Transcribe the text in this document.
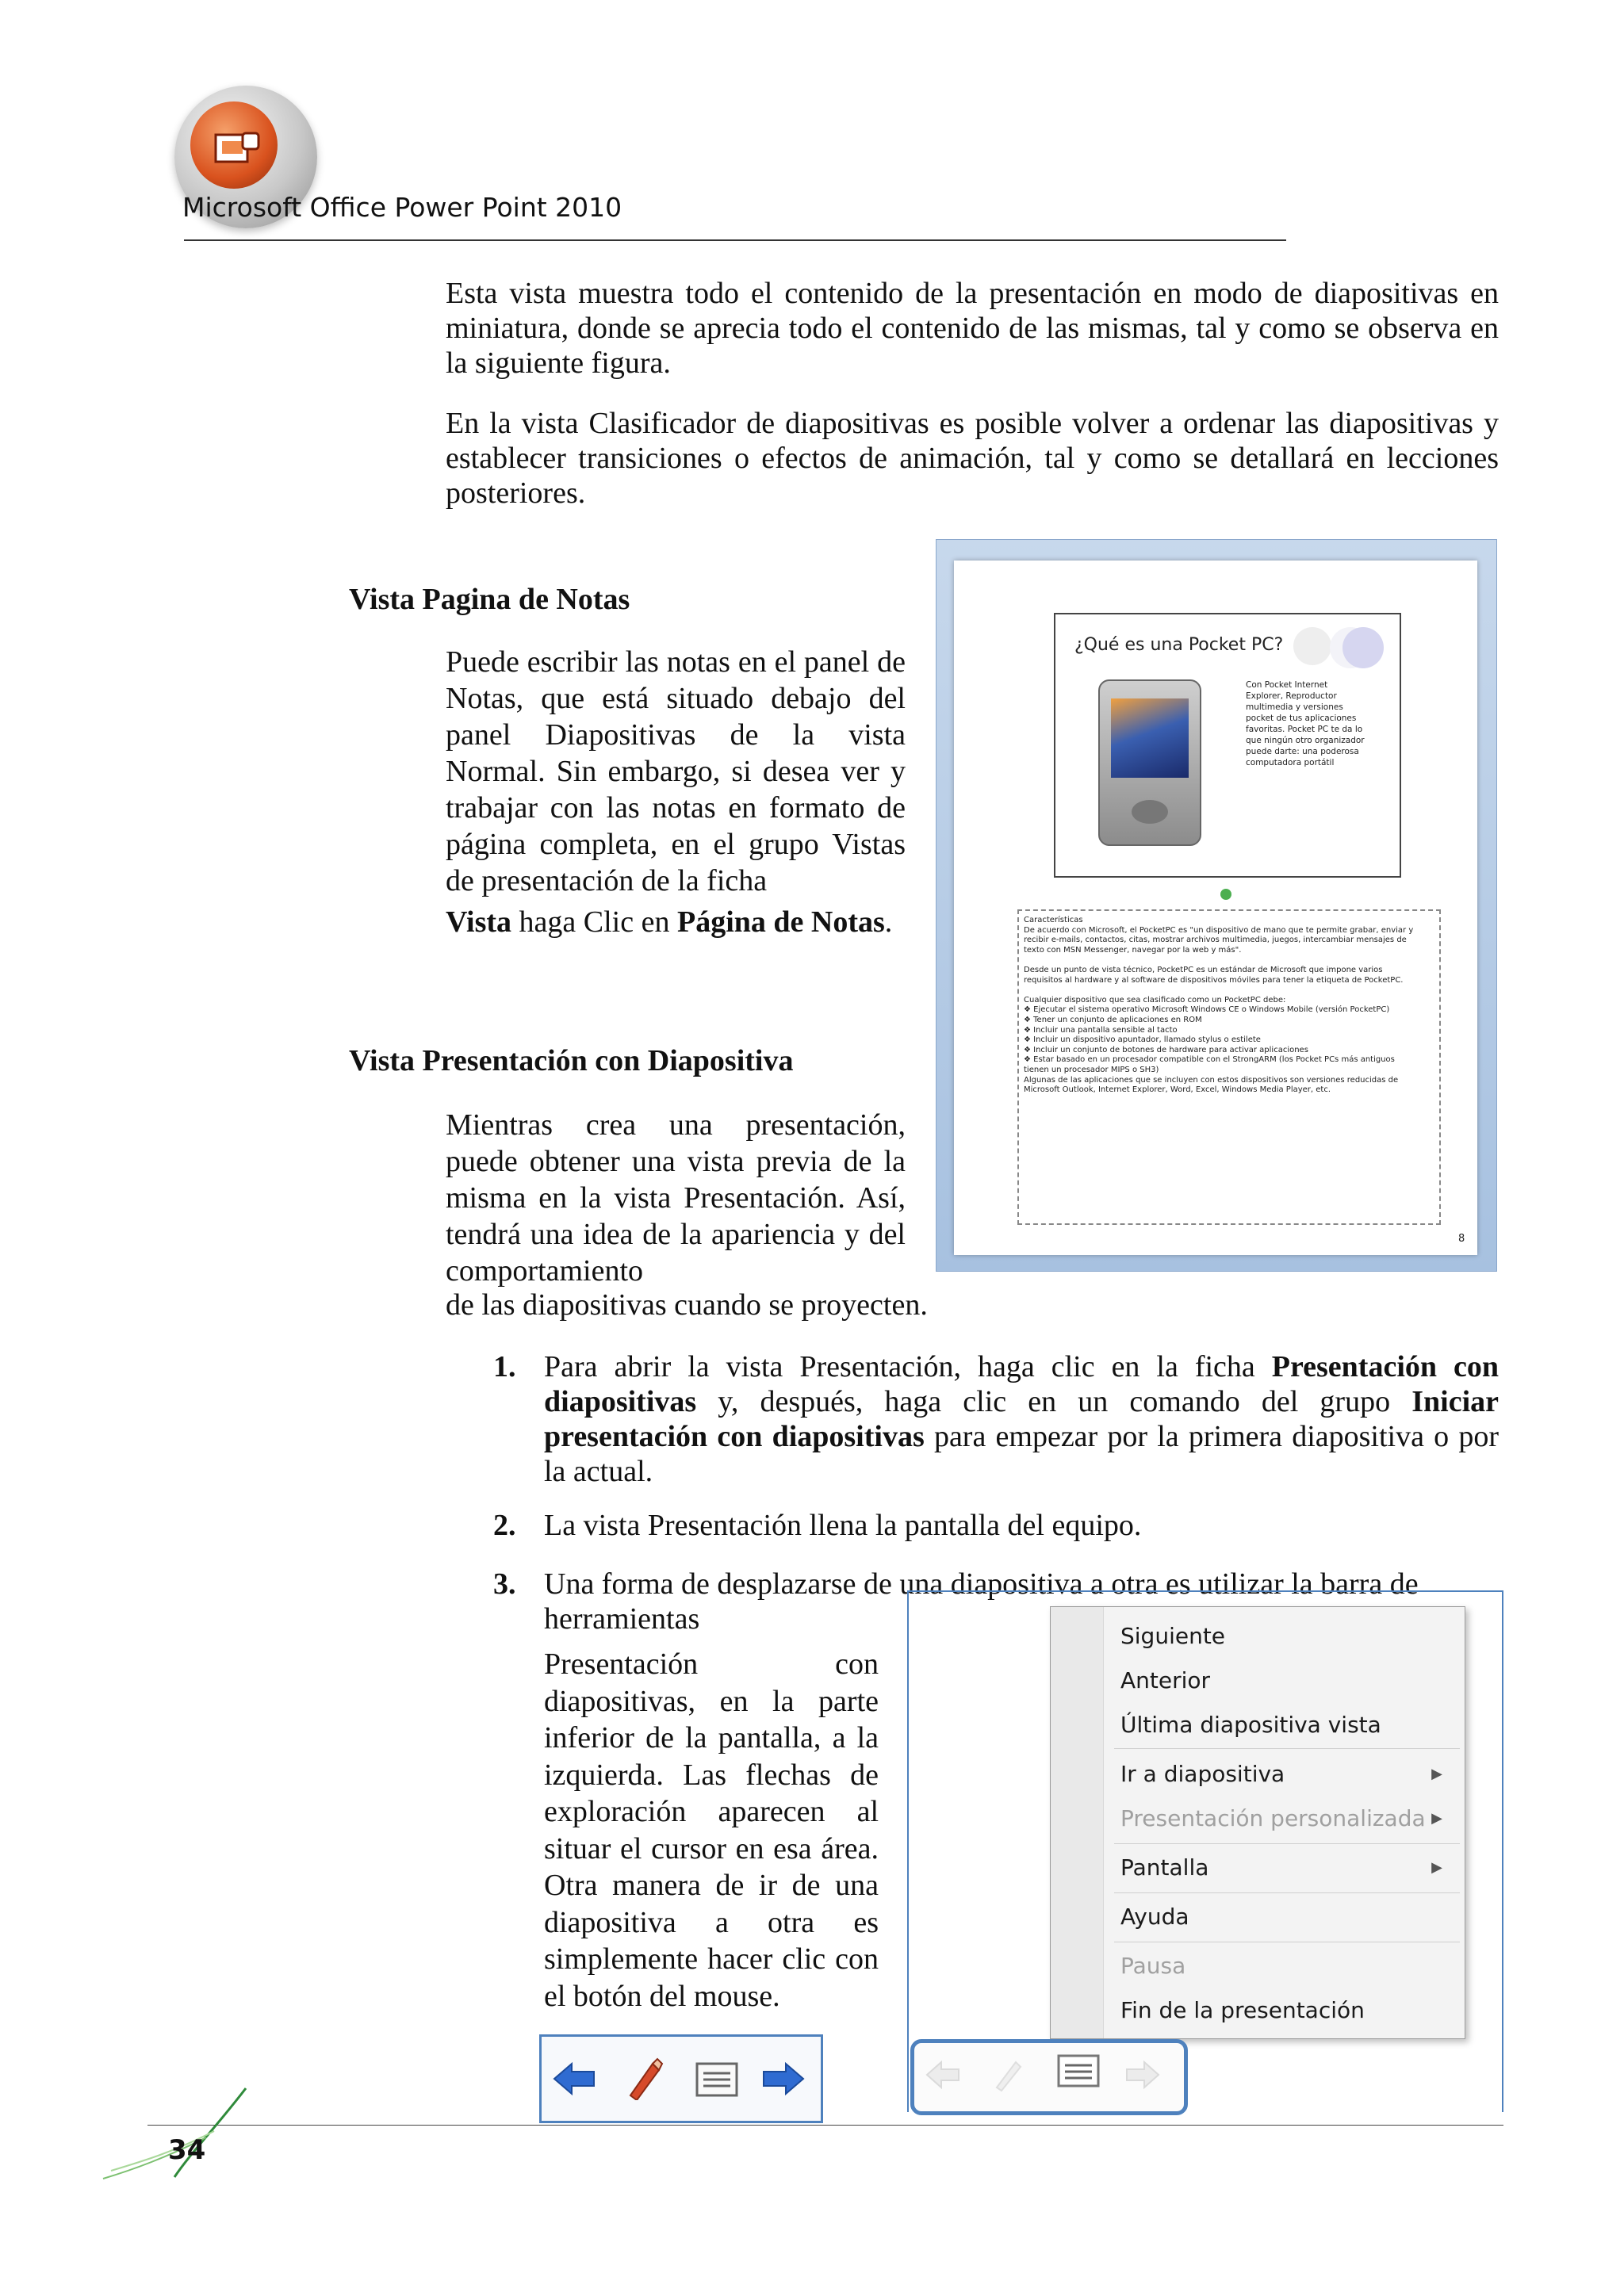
Microsoft Office Power Point 2010
Esta vista muestra todo el contenido de la presentación en modo de diapositivas en miniatura, donde se aprecia todo el contenido de las mismas, tal y como se observa en la siguiente figura.
En la vista Clasificador de diapositivas es posible volver a ordenar las diapositivas y establecer transiciones o efectos de animación, tal y como se detallará en lecciones posteriores.
Vista Pagina de Notas
Puede escribir las notas en el panel de Notas, que está situado debajo del panel Diapositivas de la vista Normal. Sin embargo, si desea ver y trabajar con las notas en formato de página completa, en el grupo Vistas de presentación de la ficha
Vista haga Clic en Página de Notas.
¿Qué es una Pocket PC?
Con Pocket Internet Explorer, Reproductor multimedia y versiones pocket de tus aplicaciones favoritas. Pocket PC te da lo que ningún otro organizador puede darte: una poderosa computadora portátil
Características
De acuerdo con Microsoft, el PocketPC es "un dispositivo de mano que te permite grabar, enviar y
recibir e-mails, contactos, citas, mostrar archivos multimedia, juegos, intercambiar mensajes de
texto con MSN Messenger, navegar por la web y más".
Desde un punto de vista técnico, PocketPC es un estándar de Microsoft que impone varios
requisitos al hardware y al software de dispositivos móviles para tener la etiqueta de PocketPC.
Cualquier dispositivo que sea clasificado como un PocketPC debe:
❖ Ejecutar el sistema operativo Microsoft Windows CE o Windows Mobile (versión PocketPC)
❖ Tener un conjunto de aplicaciones en ROM
❖ Incluir una pantalla sensible al tacto
❖ Incluir un dispositivo apuntador, llamado stylus o estilete
❖ Incluir un conjunto de botones de hardware para activar aplicaciones
❖ Estar basado en un procesador compatible con el StrongARM (los Pocket PCs más antiguos
tienen un procesador MIPS o SH3)
Algunas de las aplicaciones que se incluyen con estos dispositivos son versiones reducidas de
Microsoft Outlook, Internet Explorer, Word, Excel, Windows Media Player, etc.
8
Vista Presentación con Diapositiva
Mientras crea una presentación, puede obtener una vista previa de la misma en la vista Presentación. Así, tendrá una idea de la apariencia y del comportamiento
de las diapositivas cuando se proyecten.
1. Para abrir la vista Presentación, haga clic en la ficha Presentación con diapositivas y, después, haga clic en un comando del grupo Iniciar presentación con diapositivas para empezar por la primera diapositiva o por la actual.
2. La vista Presentación llena la pantalla del equipo.
3. Una forma de desplazarse de una diapositiva a otra es utilizar la barra de
herramientas
Presentación con diapositivas, en la parte inferior de la pantalla, a la izquierda. Las flechas de exploración aparecen al situar el cursor en esa área. Otra manera de ir de una diapositiva a otra es simplemente hacer clic con el botón del mouse.
Siguiente
Anterior
Última diapositiva vista
Ir a diapositiva	▶
Presentación personalizada ▶
Pantalla	▶
Ayuda
Pausa
Fin de la presentación
34
